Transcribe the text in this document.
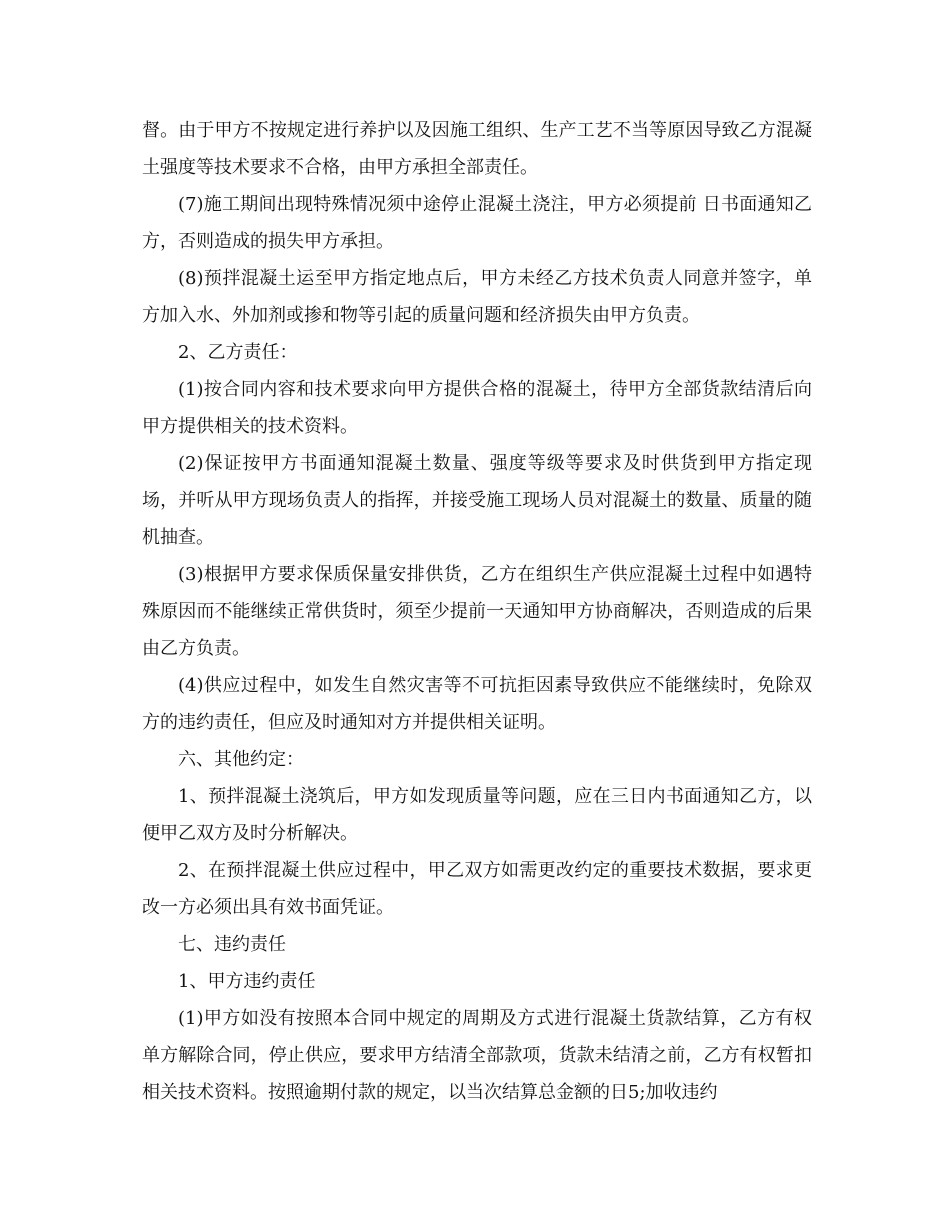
督。由于甲方不按规定进行养护以及因施工组织、生产工艺不当等原因导致乙方混凝土强度等技术要求不合格，由甲方承担全部责任。

(7)施工期间出现特殊情况须中途停止混凝土浇注，甲方必须提前 日书面通知乙方，否则造成的损失甲方承担。

(8)预拌混凝土运至甲方指定地点后，甲方未经乙方技术负责人同意并签字，单方加入水、外加剂或掺和物等引起的质量问题和经济损失由甲方负责。

2、乙方责任：

(1)按合同内容和技术要求向甲方提供合格的混凝土，待甲方全部货款结清后向甲方提供相关的技术资料。

(2)保证按甲方书面通知混凝土数量、强度等级等要求及时供货到甲方指定现场，并听从甲方现场负责人的指挥，并接受施工现场人员对混凝土的数量、质量的随机抽查。

(3)根据甲方要求保质保量安排供货，乙方在组织生产供应混凝土过程中如遇特殊原因而不能继续正常供货时，须至少提前一天通知甲方协商解决，否则造成的后果由乙方负责。

(4)供应过程中，如发生自然灾害等不可抗拒因素导致供应不能继续时，免除双方的违约责任，但应及时通知对方并提供相关证明。

六、其他约定：

1、预拌混凝土浇筑后，甲方如发现质量等问题，应在三日内书面通知乙方，以便甲乙双方及时分析解决。

2、在预拌混凝土供应过程中，甲乙双方如需更改约定的重要技术数据，要求更改一方必须出具有效书面凭证。

七、违约责任

1、甲方违约责任

(1)甲方如没有按照本合同中规定的周期及方式进行混凝土货款结算，乙方有权单方解除合同，停止供应，要求甲方结清全部款项，货款未结清之前，乙方有权暂扣相关技术资料。按照逾期付款的规定，以当次结算总金额的日5;加收违约
